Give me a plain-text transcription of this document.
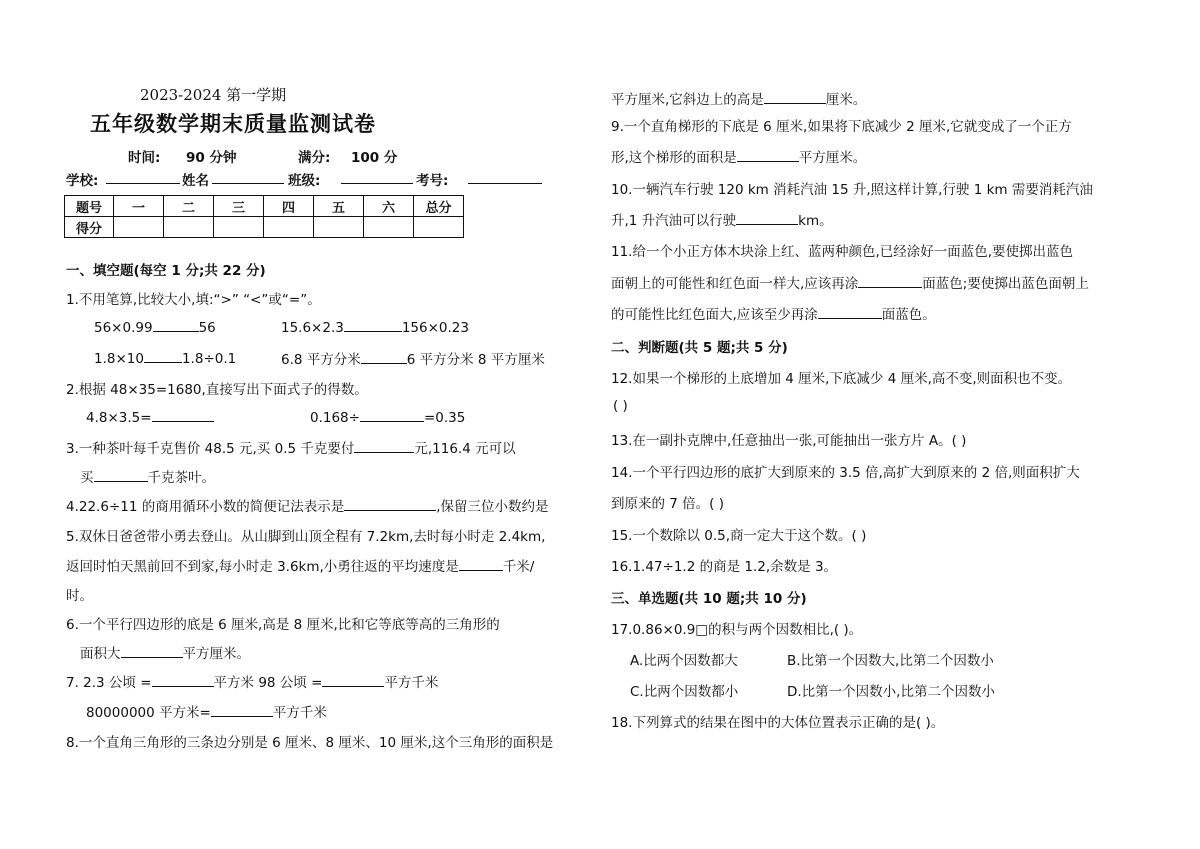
2023-2024 第一学期
五年级数学期末质量监测试卷
时间: 90 分钟	满分: 100 分
学校:	姓名	班级:	考号:
题号	一	二	三	四	五	六	总分
得分							
一、填空题(每空 1 分;共 22 分)
1.不用笔算,比较大小,填:“>” “<”或“=”。
56×0.99	56	15.6×2.3	156×0.23
1.8×10	1.8÷0.1	6.8 平方分米	6 平方分米 8 平方厘米
2.根据 48×35=1680,直接写出下面式子的得数。
4.8×3.5=	0.168÷	=0.35
3.一种茶叶每千克售价 48.5 元,买 0.5 千克要付	元,116.4 元可以
买	千克茶叶。
4.22.6÷11 的商用循环小数的简便记法表示是	,保留三位小数约是
5.双休日爸爸带小勇去登山。从山脚到山顶全程有 7.2km,去时每小时走 2.4km,
返回时怕天黑前回不到家,每小时走 3.6km,小勇往返的平均速度是	千米/
时。
6.一个平行四边形的底是 6 厘米,高是 8 厘米,比和它等底等高的三角形的
面积大	平方厘米。
7. 2.3 公顷 =	平方米 98 公顷 =	平方千米
80000000 平方米=	平方千米
8.一个直角三角形的三条边分别是 6 厘米、8 厘米、10 厘米,这个三角形的面积是
平方厘米,它斜边上的高是	厘米。
9.一个直角梯形的下底是 6 厘米,如果将下底减少 2 厘米,它就变成了一个正方
形,这个梯形的面积是	平方厘米。
10.一辆汽车行驶 120 km 消耗汽油 15 升,照这样计算,行驶 1 km 需要消耗汽油
升,1 升汽油可以行驶	km。
11.给一个小正方体木块涂上红、蓝两种颜色,已经涂好一面蓝色,要使掷出蓝色
面朝上的可能性和红色面一样大,应该再涂	面蓝色;要使掷出蓝色面朝上
的可能性比红色面大,应该至少再涂	面蓝色。
二、判断题(共 5 题;共 5 分)
12.如果一个梯形的上底增加 4 厘米,下底减少 4 厘米,高不变,则面积也不变。
( )
13.在一副扑克牌中,任意抽出一张,可能抽出一张方片 A。( )
14.一个平行四边形的底扩大到原来的 3.5 倍,高扩大到原来的 2 倍,则面积扩大
到原来的 7 倍。( )
15.一个数除以 0.5,商一定大于这个数。( )
16.1.47÷1.2 的商是 1.2,余数是 3。
三、单选题(共 10 题;共 10 分)
17.0.86×0.9□的积与两个因数相比,( )。
A.比两个因数都大	B.比第一个因数大,比第二个因数小
C.比两个因数都小	D.比第一个因数小,比第二个因数小
18.下列算式的结果在图中的大体位置表示正确的是( )。
